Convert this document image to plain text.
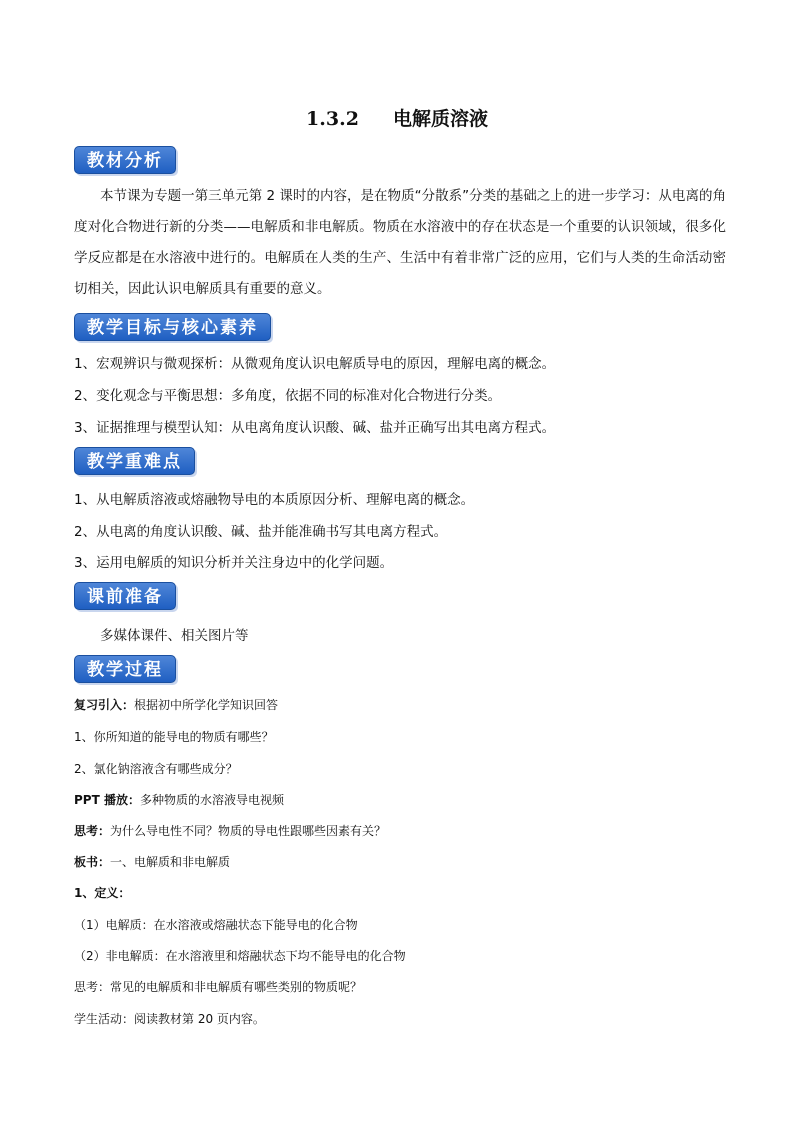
1.3.2 电解质溶液
教材分析
本节课为专题一第三单元第 2 课时的内容，是在物质“分散系”分类的基础之上的进一步学习：从电离的角度对化合物进行新的分类——电解质和非电解质。物质在水溶液中的存在状态是一个重要的认识领域，很多化学反应都是在水溶液中进行的。电解质在人类的生产、生活中有着非常广泛的应用，它们与人类的生命活动密切相关，因此认识电解质具有重要的意义。
教学目标与核心素养
1、宏观辨识与微观探析：从微观角度认识电解质导电的原因，理解电离的概念。
2、变化观念与平衡思想：多角度，依据不同的标准对化合物进行分类。
3、证据推理与模型认知：从电离角度认识酸、碱、盐并正确写出其电离方程式。
教学重难点
1、从电解质溶液或熔融物导电的本质原因分析、理解电离的概念。
2、从电离的角度认识酸、碱、盐并能准确书写其电离方程式。
3、运用电解质的知识分析并关注身边中的化学问题。
课前准备
多媒体课件、相关图片等
教学过程
复习引入：根据初中所学化学知识回答
1、你所知道的能导电的物质有哪些？
2、氯化钠溶液含有哪些成分？
PPT 播放：多种物质的水溶液导电视频
思考：为什么导电性不同？物质的导电性跟哪些因素有关？
板书：一、电解质和非电解质
1、定义：
（1）电解质：在水溶液或熔融状态下能导电的化合物
（2）非电解质：在水溶液里和熔融状态下均不能导电的化合物
思考：常见的电解质和非电解质有哪些类别的物质呢？
学生活动：阅读教材第 20 页内容。
